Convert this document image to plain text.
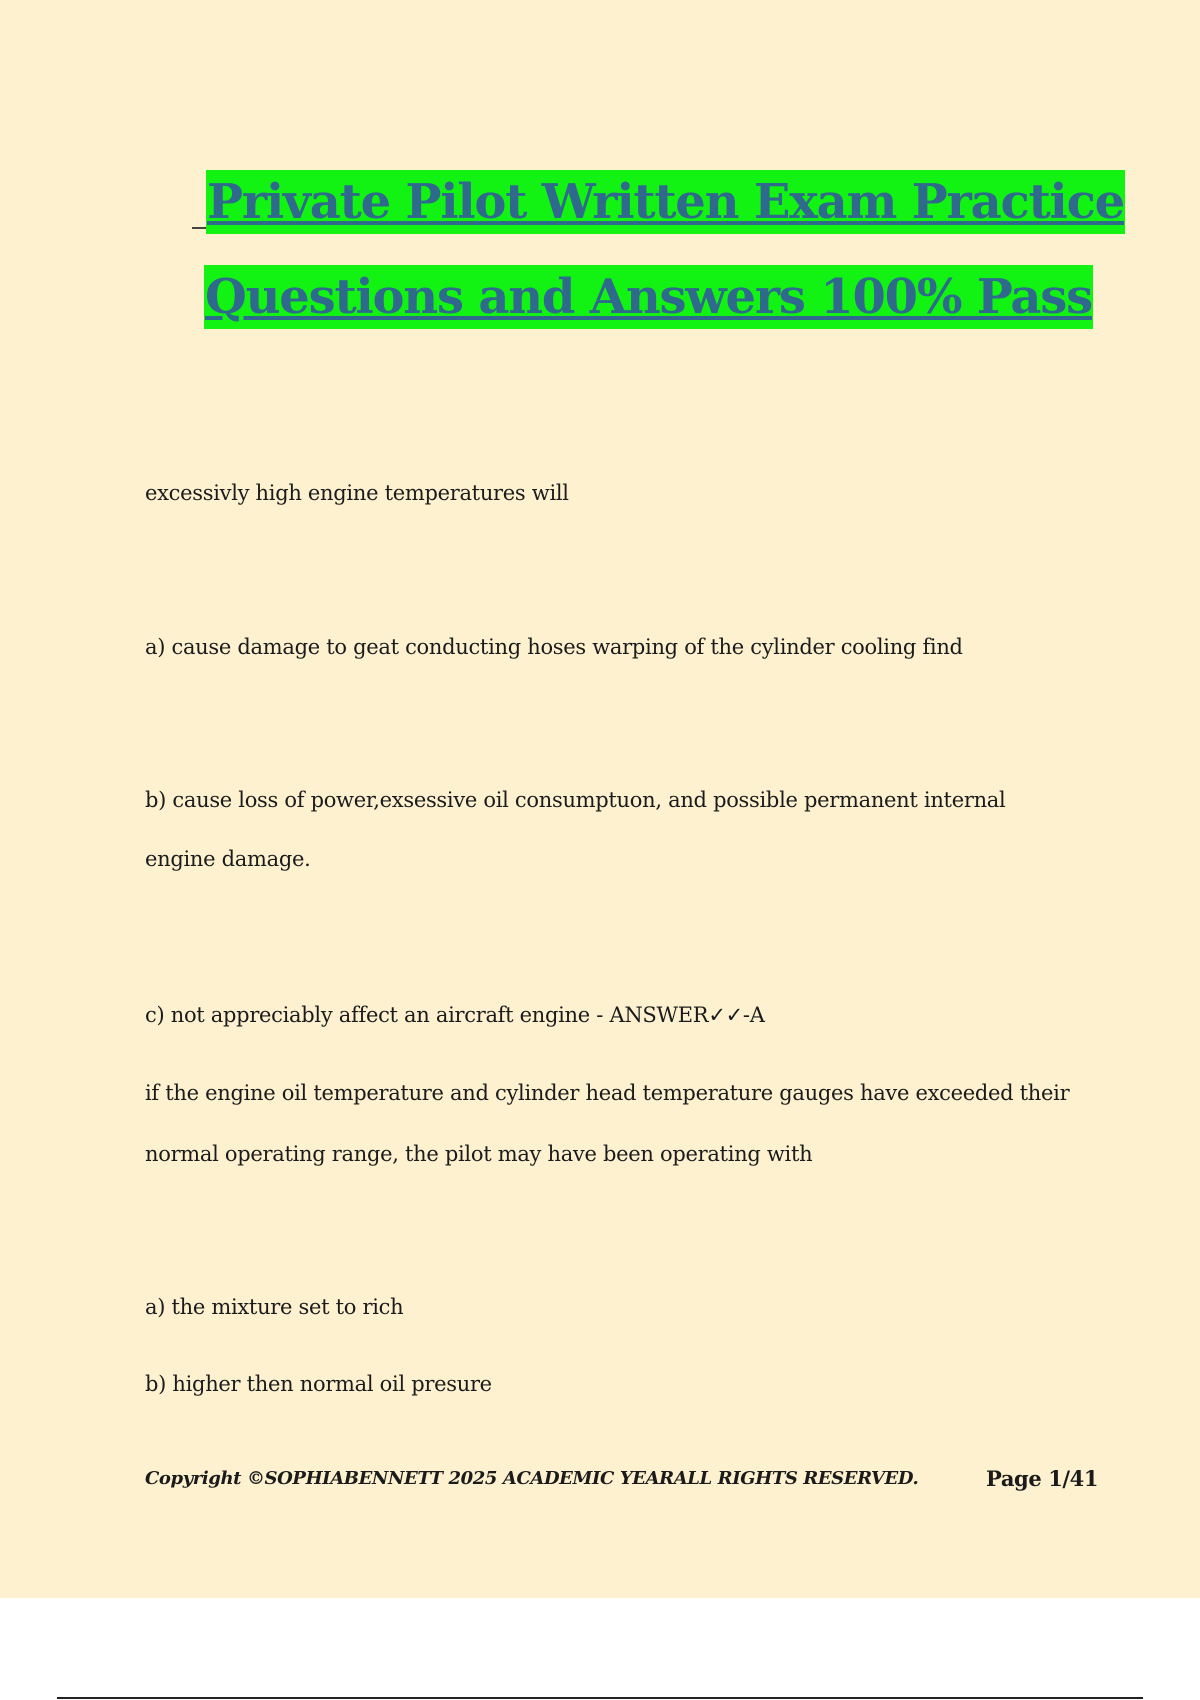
Private Pilot Written Exam Practice
Questions and Answers 100% Pass
excessivly high engine temperatures will
a) cause damage to geat conducting hoses warping of the cylinder cooling find
b) cause loss of power,exsessive oil consumptuon, and possible permanent internal
engine damage.
c) not appreciably affect an aircraft engine - ANSWER✓✓-A
if the engine oil temperature and cylinder head temperature gauges have exceeded their
normal operating range, the pilot may have been operating with
a) the mixture set to rich
b) higher then normal oil presure
Copyright ©SOPHIABENNETT 2025 ACADEMIC YEARALL RIGHTS RESERVED.	Page 1/41
